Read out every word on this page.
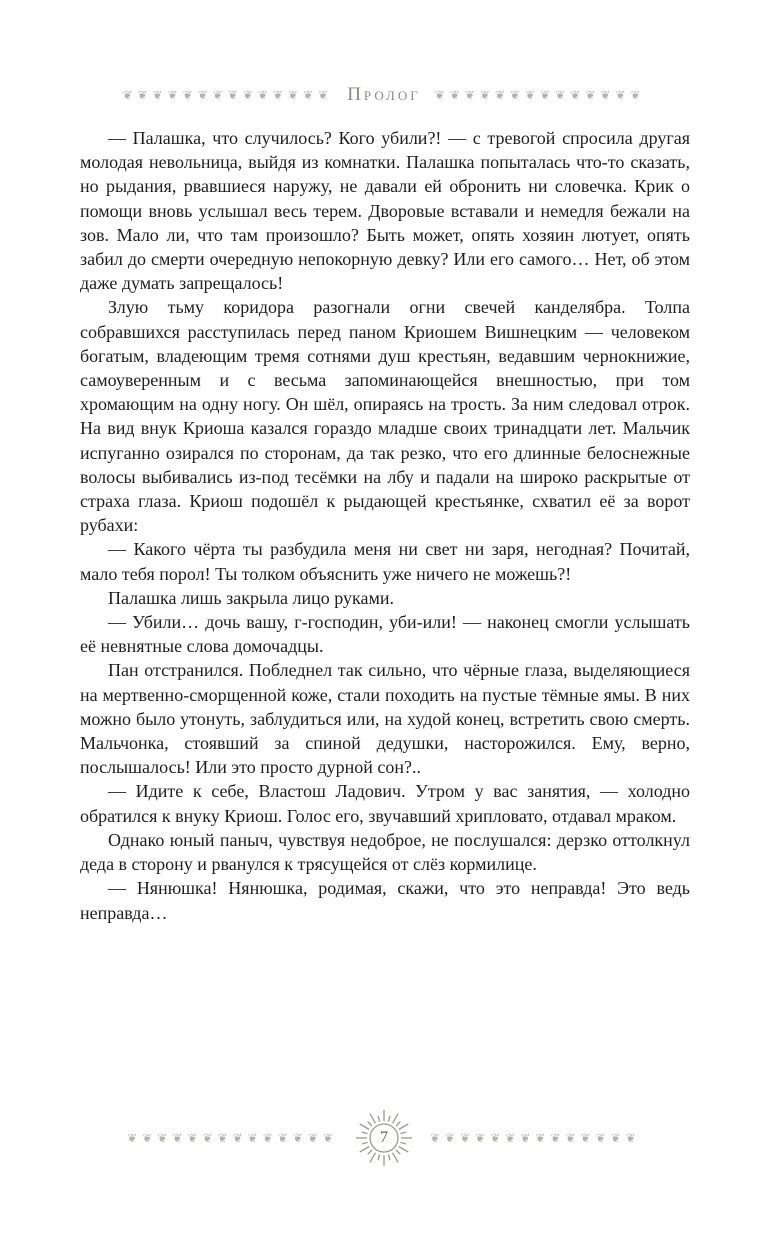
❦❦❦❦❦❦❦❦❦❦❦❦❦❦ Пролог ❦❦❦❦❦❦❦❦❦❦❦❦❦❦

— Палашка, что случилось? Кого убили?! — с тревогой спросила другая молодая невольница, выйдя из комнатки. Палашка попыталась что-то сказать, но рыдания, рвавшиеся наружу, не давали ей обронить ни словечка. Крик о помощи вновь услышал весь терем. Дворовые вставали и немедля бежали на зов. Мало ли, что там произошло? Быть может, опять хозяин лютует, опять забил до смерти очередную непокорную девку? Или его самого… Нет, об этом даже думать запрещалось!

Злую тьму коридора разогнали огни свечей канделябра. Толпа собравшихся расступилась перед паном Криошем Вишнецким — человеком богатым, владеющим тремя сотнями душ крестьян, ведавшим чернокнижие, самоуверенным и с весьма запоминающейся внешностью, при том хромающим на одну ногу. Он шёл, опираясь на трость. За ним следовал отрок. На вид внук Криоша казался гораздо младше своих тринадцати лет. Мальчик испуганно озирался по сторонам, да так резко, что его длинные белоснежные волосы выбивались из-под тесёмки на лбу и падали на широко раскрытые от страха глаза. Криош подошёл к рыдающей крестьянке, схватил её за ворот рубахи:

— Какого чёрта ты разбудила меня ни свет ни заря, негодная? Почитай, мало тебя порол! Ты толком объяснить уже ничего не можешь?!

Палашка лишь закрыла лицо руками.

— Убили… дочь вашу, г-господин, уби-или! — наконец смогли услышать её невнятные слова домочадцы.

Пан отстранился. Побледнел так сильно, что чёрные глаза, выделяющиеся на мертвенно-сморщенной коже, стали походить на пустые тёмные ямы. В них можно было утонуть, заблудиться или, на худой конец, встретить свою смерть. Мальчонка, стоявший за спиной дедушки, насторожился. Ему, верно, послышалось! Или это просто дурной сон?..

— Идите к себе, Властош Ладович. Утром у вас занятия, — холодно обратился к внуку Криош. Голос его, звучавший хрипловато, отдавал мраком.

Однако юный паныч, чувствуя недоброе, не послушался: дерзко оттолкнул деда в сторону и рванулся к трясущейся от слёз кормилице.

— Нянюшка! Нянюшка, родимая, скажи, что это неправда! Это ведь неправда…

❦❦❦❦❦❦❦❦❦❦❦❦❦❦	7	❦❦❦❦❦❦❦❦❦❦❦❦❦❦
